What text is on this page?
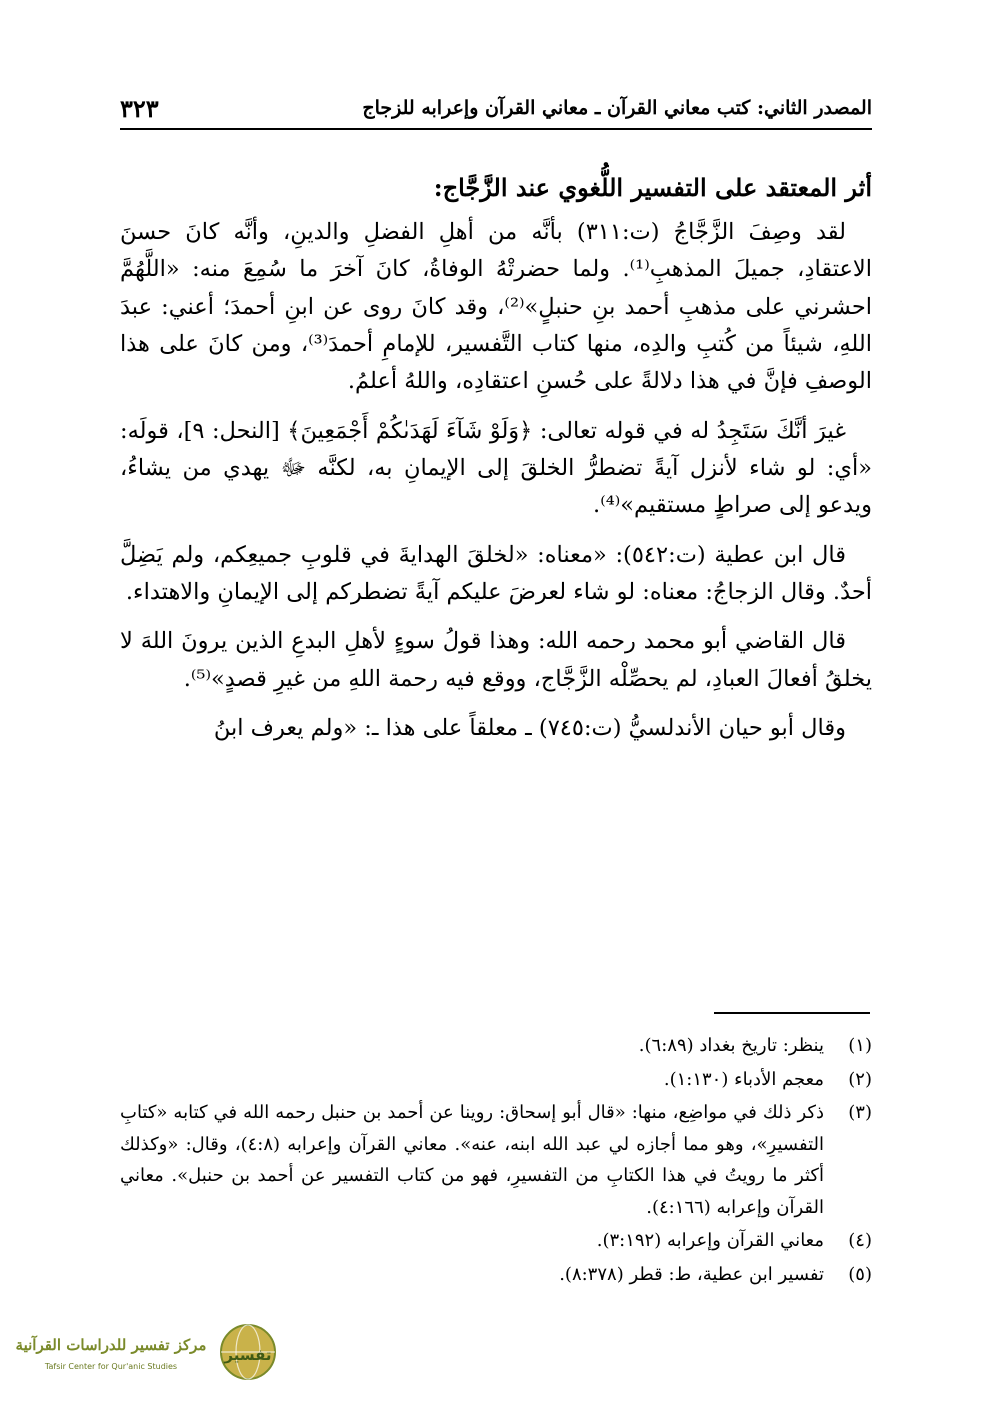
المصدر الثاني: كتب معاني القرآن ـ معاني القرآن وإعرابه للزجاج
٣٢٣

أثر المعتقد على التفسير اللُّغوي عند الزَّجَّاج:

لقد وصِفَ الزَّجَّاجُ (ت:٣١١) بأنَّه من أهلِ الفضلِ والدينِ، وأنَّه كانَ حسنَ الاعتقادِ، جميلَ المذهبِ⁽¹⁾. ولما حضرتْهُ الوفاةُ، كانَ آخرَ ما سُمِعَ منه: «اللَّهُمَّ احشرني على مذهبِ أحمد بنِ حنبلٍ»⁽²⁾، وقد كانَ روى عن ابنِ أحمدَ؛ أعني: عبدَ اللهِ، شيئاً من كُتبِ والدِه، منها كتاب التَّفسير، للإمامِ أحمدَ⁽³⁾، ومن كانَ على هذا الوصفِ فإنَّ في هذا دلالةً على حُسنِ اعتقادِه، واللهُ أعلمُ.

غيرَ أنَّكَ سَتَجِدُ له في قوله تعالى: ﴿وَلَوْ شَآءَ لَهَدَىٰكُمْ أَجْمَعِينَ﴾ [النحل: ٩]، قولَه: «أي: لو شاء لأنزل آيةً تضطرُّ الخلقَ إلى الإيمانِ به، لكنَّه ﷻ يهدي من يشاءُ، ويدعو إلى صراطٍ مستقيم»⁽⁴⁾.

قال ابن عطية (ت:٥٤٢): «معناه: «لخلقَ الهدايةَ في قلوبِ جميعِكم، ولم يَضِلَّ أحدٌ. وقال الزجاجُ: معناه: لو شاء لعرضَ عليكم آيةً تضطركم إلى الإيمانِ والاهتداء.

قال القاضي أبو محمد رحمه الله: وهذا قولُ سوءٍ لأهلِ البدعِ الذين يرونَ اللهَ لا يخلقُ أفعالَ العبادِ، لم يحصِّلْه الزَّجَّاج، ووقع فيه رحمة اللهِ من غيرِ قصدٍ»⁽⁵⁾.

وقال أبو حيان الأندلسيُّ (ت:٧٤٥) ـ معلقاً على هذا ـ: «ولم يعرف ابنُ

(١)
ينظر: تاريخ بغداد (٦:٨٩).
(٢)
معجم الأدباء (١:١٣٠).
(٣)
ذكر ذلك في مواضِع، منها: «قال أبو إسحاق: روينا عن أحمد بن حنبل رحمه الله في كتابه «كتابِ التفسيرِ»، وهو مما أجازه لي عبد الله ابنه، عنه». معاني القرآن وإعرابه (٤:٨)، وقال: «وكذلك أكثر ما رويتُ في هذا الكتابِ من التفسيرِ، فهو من كتاب التفسير عن أحمد بن حنبل». معاني القرآن وإعرابه (٤:١٦٦).
(٤)
معاني القرآن وإعرابه (٣:١٩٢).
(٥)
تفسير ابن عطية، ط: قطر (٨:٣٧٨).
تفسير
مركز تفسير للدراسات القرآنية
Tafsir Center for Qur'anic Studies
